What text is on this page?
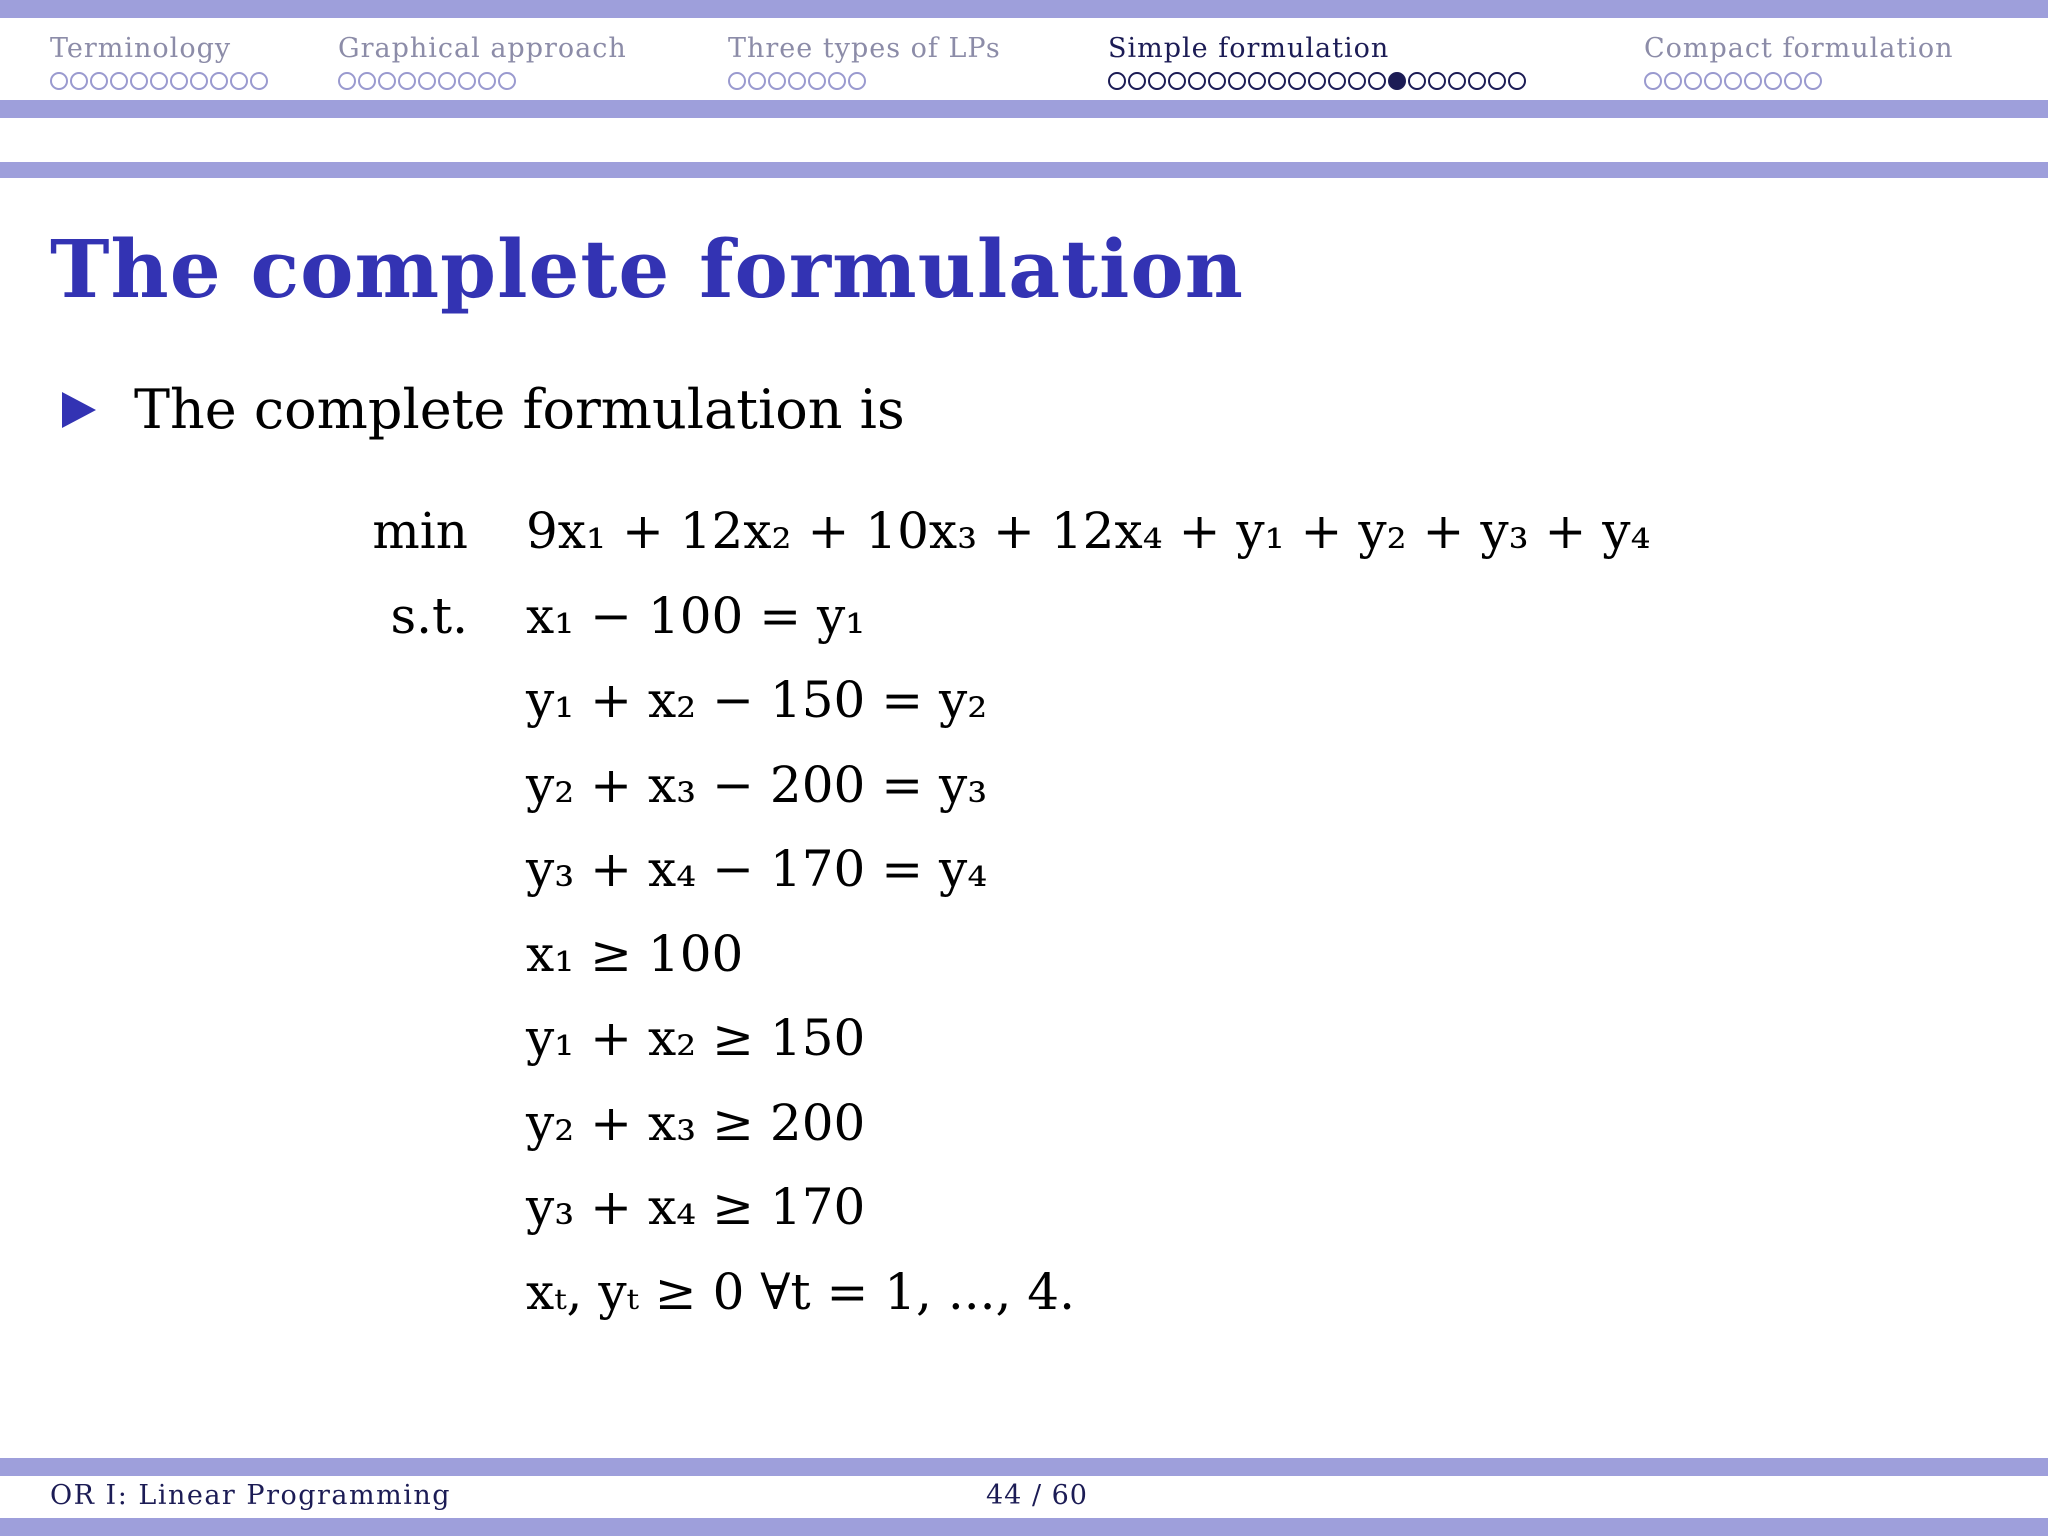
Terminology	Graphical approach	Three types of LPs	Simple formulation	Compact formulation
The complete formulation
The complete formulation is
min 9x₁ + 12x₂ + 10x₃ + 12x₄ + y₁ + y₂ + y₃ + y₄
s.t. x₁ − 100 = y₁
y₁ + x₂ − 150 = y₂
y₂ + x₃ − 200 = y₃
y₃ + x₄ − 170 = y₄
x₁ ≥ 100
y₁ + x₂ ≥ 150
y₂ + x₃ ≥ 200
y₃ + x₄ ≥ 170
xₜ, yₜ ≥ 0 ∀t = 1, ..., 4.
OR I: Linear Programming	44 / 60
